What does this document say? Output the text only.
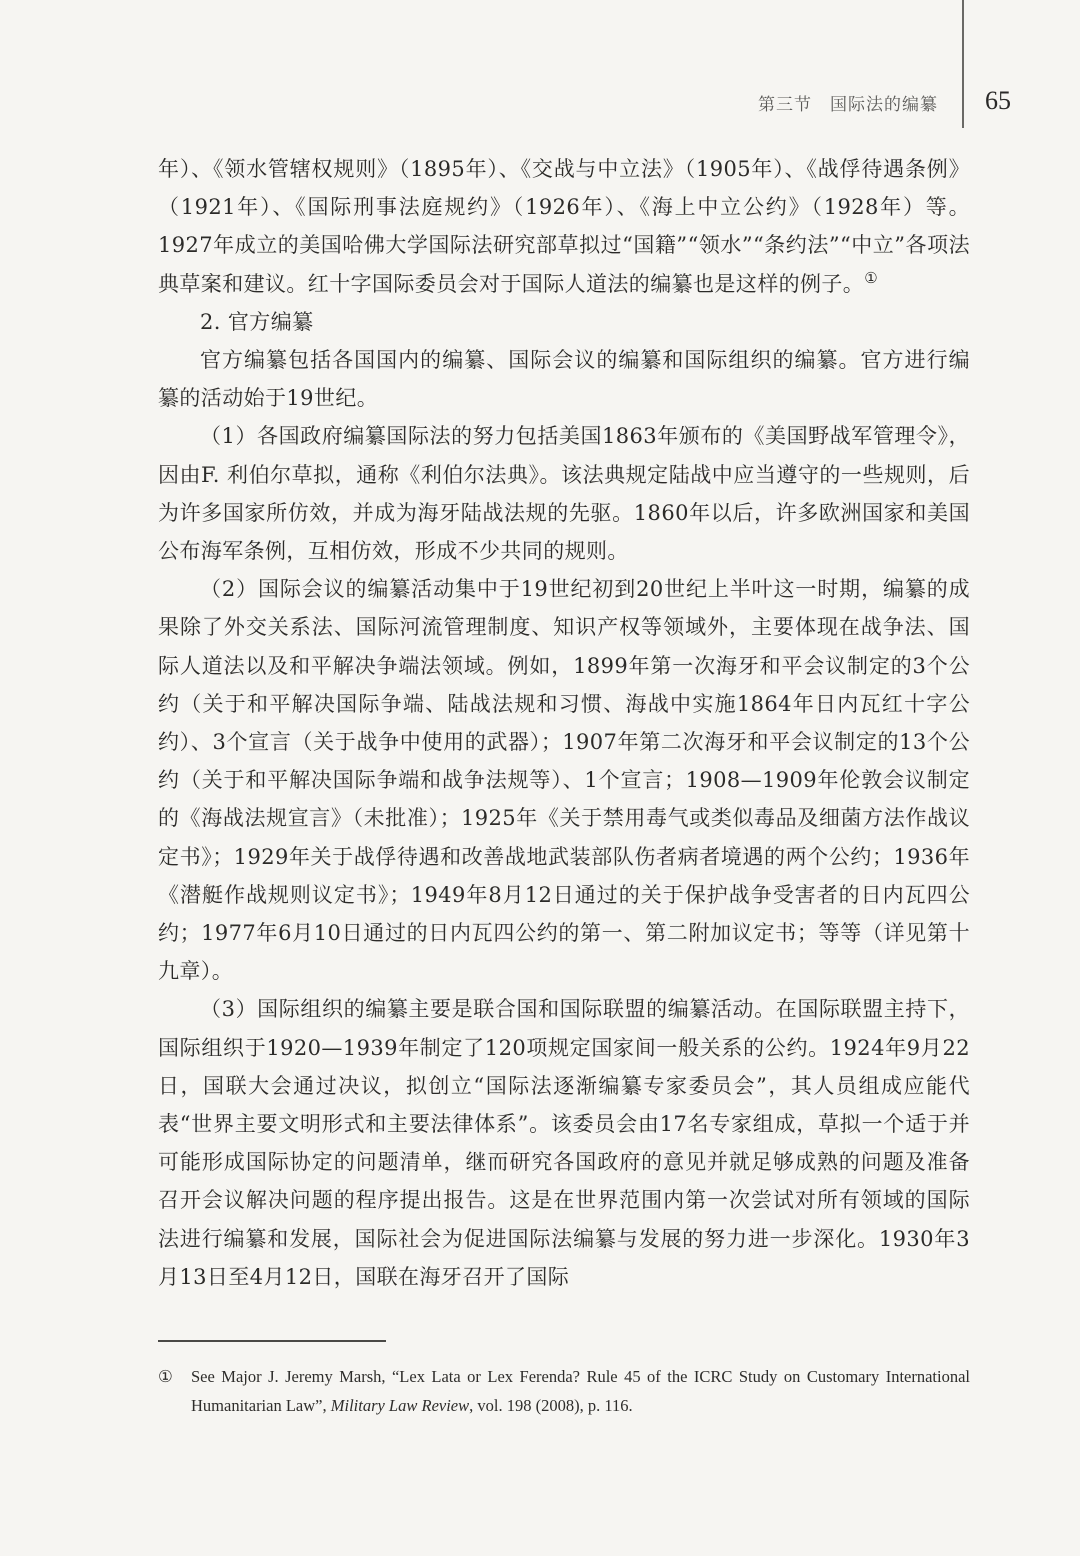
第三节 国际法的编纂 65

年）、《领水管辖权规则》（1895年）、《交战与中立法》（1905年）、《战俘待遇条例》（1921年）、《国际刑事法庭规约》（1926年）、《海上中立公约》（1928年）等。1927年成立的美国哈佛大学国际法研究部草拟过“国籍”“领水”“条约法”“中立”各项法典草案和建议。红十字国际委员会对于国际人道法的编纂也是这样的例子。①

2. 官方编纂

官方编纂包括各国国内的编纂、国际会议的编纂和国际组织的编纂。官方进行编纂的活动始于19世纪。

（1）各国政府编纂国际法的努力包括美国1863年颁布的《美国野战军管理令》，因由F. 利伯尔草拟，通称《利伯尔法典》。该法典规定陆战中应当遵守的一些规则，后为许多国家所仿效，并成为海牙陆战法规的先驱。1860年以后，许多欧洲国家和美国公布海军条例，互相仿效，形成不少共同的规则。

（2）国际会议的编纂活动集中于19世纪初到20世纪上半叶这一时期，编纂的成果除了外交关系法、国际河流管理制度、知识产权等领域外，主要体现在战争法、国际人道法以及和平解决争端法领域。例如，1899年第一次海牙和平会议制定的3个公约（关于和平解决国际争端、陆战法规和习惯、海战中实施1864年日内瓦红十字公约）、3个宣言（关于战争中使用的武器）；1907年第二次海牙和平会议制定的13个公约（关于和平解决国际争端和战争法规等）、1个宣言；1908—1909年伦敦会议制定的《海战法规宣言》（未批准）；1925年《关于禁用毒气或类似毒品及细菌方法作战议定书》；1929年关于战俘待遇和改善战地武装部队伤者病者境遇的两个公约；1936年《潜艇作战规则议定书》；1949年8月12日通过的关于保护战争受害者的日内瓦四公约；1977年6月10日通过的日内瓦四公约的第一、第二附加议定书；等等（详见第十九章）。

（3）国际组织的编纂主要是联合国和国际联盟的编纂活动。在国际联盟主持下，国际组织于1920—1939年制定了120项规定国家间一般关系的公约。1924年9月22日，国联大会通过决议，拟创立“国际法逐渐编纂专家委员会”，其人员组成应能代表“世界主要文明形式和主要法律体系”。该委员会由17名专家组成，草拟一个适于并可能形成国际协定的问题清单，继而研究各国政府的意见并就足够成熟的问题及准备召开会议解决问题的程序提出报告。这是在世界范围内第一次尝试对所有领域的国际法进行编纂和发展，国际社会为促进国际法编纂与发展的努力进一步深化。1930年3月13日至4月12日，国联在海牙召开了国际

① See Major J. Jeremy Marsh, “Lex Lata or Lex Ferenda? Rule 45 of the ICRC Study on Customary International Humanitarian Law”, Military Law Review, vol. 198 (2008), p. 116.
